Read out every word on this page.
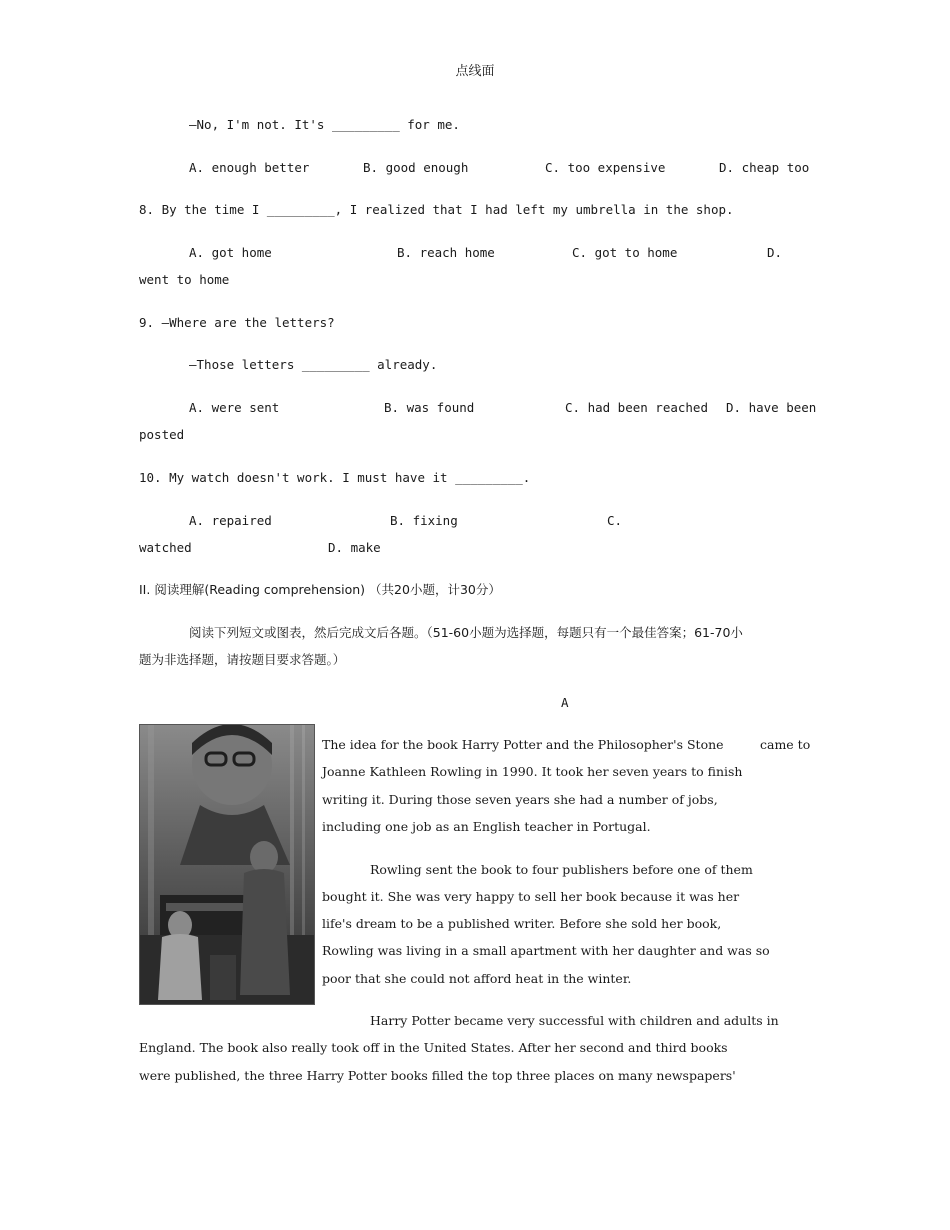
点线面
—No, I'm not. It's _________ for me.
A. enough better	B. good enough	C. too expensive	D. cheap too
8. By the time I _________, I realized that I had left my umbrella in the shop.
A. got home	B. reach home	C. got to home	D.
went to home
9. —Where are the letters?
—Those letters _________ already.
A. were sent	B. was found	C. had been reached D. have been
posted
10. My watch doesn't work. I must have it _________.
A. repaired	B. fixing	C.
watched	D. make
II. 阅读理解(Reading comprehension) （共20小题，计30分）
阅读下列短文或图表，然后完成文后各题。（51-60小题为选择题，每题只有一个最佳答案；61-70小
题为非选择题，请按题目要求答题。）
A
The idea for the book Harry Potter and the Philosopher's Stone	came to
Joanne Kathleen Rowling in 1990. It took her seven years to finish
writing it. During those seven years she had a number of jobs,
including one job as an English teacher in Portugal.
Rowling sent the book to four publishers before one of them
bought it. She was very happy to sell her book because it was her
life's dream to be a published writer. Before she sold her book,
Rowling was living in a small apartment with her daughter and was so
poor that she could not afford heat in the winter.
Harry Potter became very successful with children and adults in
England. The book also really took off in the United States. After her second and third books
were published, the three Harry Potter books filled the top three places on many newspapers'
